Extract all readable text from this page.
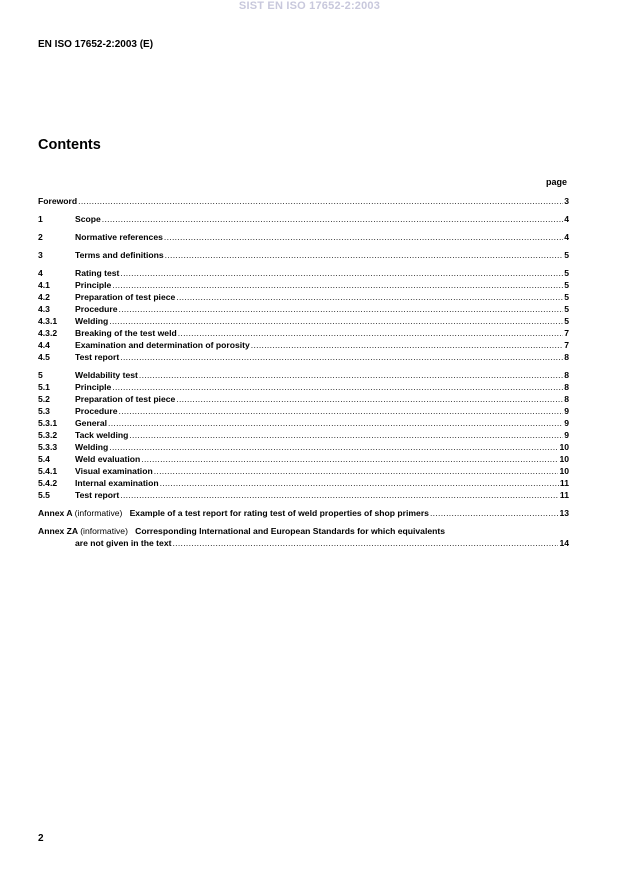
SIST EN ISO 17652-2:2003
EN ISO 17652-2:2003 (E)
Contents
page
Foreword .....	3
1	Scope .....	4
2	Normative references .....	4
3	Terms and definitions .....	5
4	Rating test .....	5
4.1	Principle .....	5
4.2	Preparation of test piece .....	5
4.3	Procedure .....	5
4.3.1 Welding .....	5
4.3.2 Breaking of the test weld .....	7
4.4	Examination and determination of porosity .....	7
4.5	Test report .....	8
5	Weldability test .....	8
5.1	Principle .....	8
5.2	Preparation of test piece .....	8
5.3	Procedure .....	9
5.3.1 General .....	9
5.3.2 Tack welding .....	9
5.3.3 Welding .....	10
5.4	Weld evaluation .....	10
5.4.1 Visual examination .....	10
5.4.2 Internal examination .....	11
5.5	Test report .....	11
Annex A (informative) Example of a test report for rating test of weld properties of shop primers .....	13
Annex ZA (informative) Corresponding International and European Standards for which equivalents
are not given in the text .....	14
2
